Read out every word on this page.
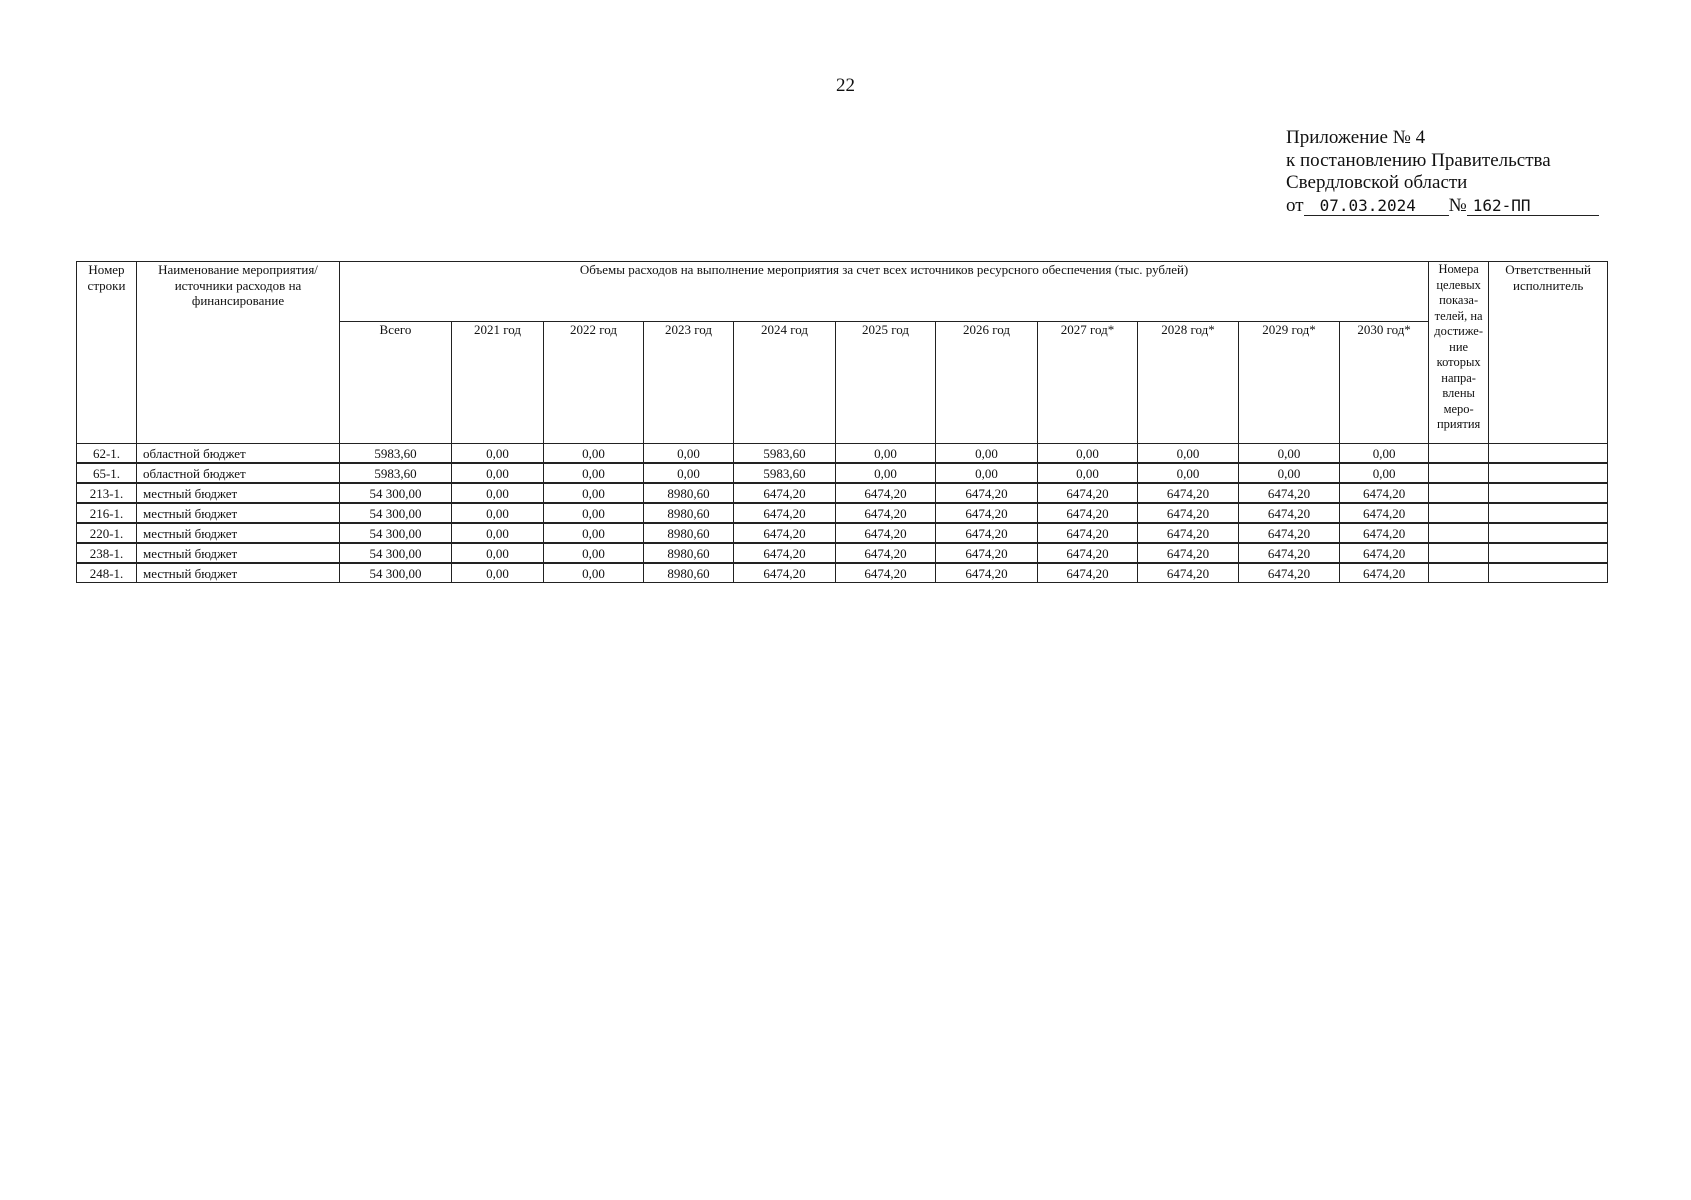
22
Приложение № 4
к постановлению Правительства
Свердловской области
от 07.03.2024 № 162-ПП
Номер строки	Наименование мероприятия/ источники расходов на финансирование	Объемы расходов на выполнение мероприятия за счет всех источников ресурсного обеспечения (тыс. рублей)											Номера целевых показа-телей, на достиже-ние которых напра-влены меро-приятия	Ответственный исполнитель
		Всего	2021 год	2022 год	2023 год	2024 год	2025 год	2026 год	2027 год*	2028 год*	2029 год*	2030 год*		
62-1.	областной бюджет	5983,60	0,00	0,00	0,00	5983,60	0,00	0,00	0,00	0,00	0,00	0,00		

65-1.	областной бюджет	5983,60	0,00	0,00	0,00	5983,60	0,00	0,00	0,00	0,00	0,00	0,00		

213-1.	местный бюджет	54 300,00	0,00	0,00	8980,60	6474,20	6474,20	6474,20	6474,20	6474,20	6474,20	6474,20		

216-1.	местный бюджет	54 300,00	0,00	0,00	8980,60	6474,20	6474,20	6474,20	6474,20	6474,20	6474,20	6474,20		

220-1.	местный бюджет	54 300,00	0,00	0,00	8980,60	6474,20	6474,20	6474,20	6474,20	6474,20	6474,20	6474,20		

238-1.	местный бюджет	54 300,00	0,00	0,00	8980,60	6474,20	6474,20	6474,20	6474,20	6474,20	6474,20	6474,20		

248-1.	местный бюджет	54 300,00	0,00	0,00	8980,60	6474,20	6474,20	6474,20	6474,20	6474,20	6474,20	6474,20		
